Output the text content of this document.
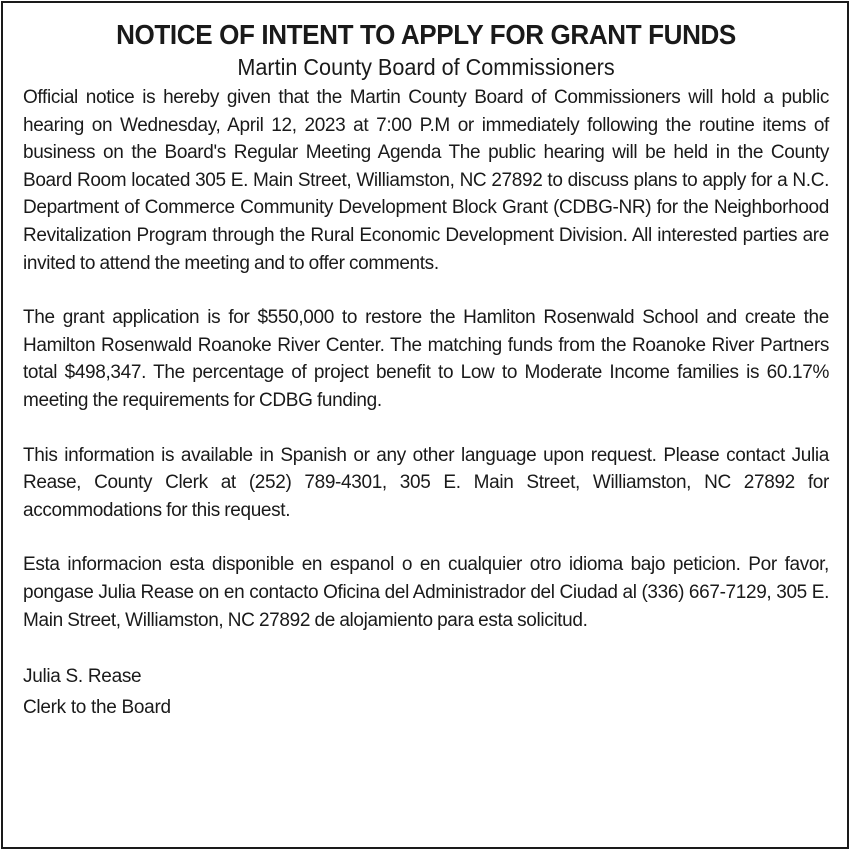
NOTICE OF INTENT TO APPLY FOR GRANT FUNDS
Martin County Board of Commissioners

Official notice is hereby given that the Martin County Board of Commissioners will hold a public hearing on Wednesday, April 12, 2023 at 7:00 P.M or immediately following the routine items of business on the Board's Regular Meeting Agenda The public hearing will be held in the County Board Room located 305 E. Main Street, Williamston, NC 27892 to discuss plans to apply for a N.C. Department of Commerce Community Development Block Grant (CDBG-NR) for the Neighborhood Revitalization Program through the Rural Economic Development Division. All interested parties are invited to attend the meeting and to offer comments.

The grant application is for $550,000 to restore the Hamliton Rosenwald School and create the Hamilton Rosenwald Roanoke River Center. The matching funds from the Roanoke River Partners total $498,347. The percentage of project benefit to Low to Moderate Income families is 60.17% meeting the requirements for CDBG funding.

This information is available in Spanish or any other language upon request. Please contact Julia Rease, County Clerk at (252) 789-4301, 305 E. Main Street, Williamston, NC 27892 for accommodations for this request.

Esta informacion esta disponible en espanol o en cualquier otro idioma bajo peticion. Por favor, pongase Julia Rease on en contacto Oficina del Administrador del Ciudad al (336) 667-7129, 305 E. Main Street, Williamston, NC 27892 de alojamiento para esta solicitud.

Julia S. Rease
Clerk to the Board
